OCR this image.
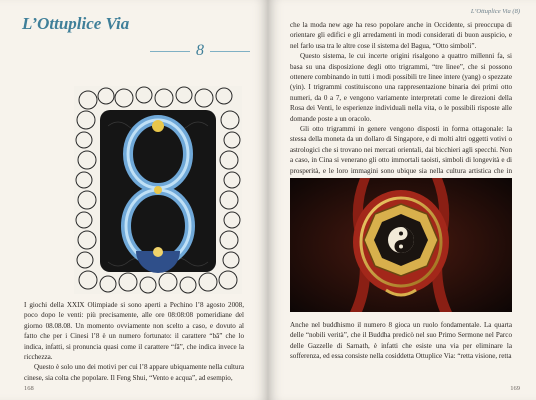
L’Ottuplice Via
8

I giochi della XXIX Olimpiade si sono aperti a Pechino l’8 agosto 2008, poco dopo le venti: più precisamente, alle ore 08:08:08 pomeridiane del giorno 08.08.08. Un momento ovviamente non scelto a caso, e dovuto al fatto che per i Cinesi l’8 è un numero fortunato: il carattere “bā” che lo indica, infatti, si pronuncia quasi come il carattere “fā”, che indica invece la ricchezza.

Questo è solo uno dei motivi per cui l’8 appare ubiquamente nella cultura cinese, sia colta che popolare. Il Feng Shui, “Vento e acqua”, ad esempio,

168
L’Ottuplice Via (8)

che la moda new age ha reso popolare anche in Occidente, si preoccupa di orientare gli edifici e gli arredamenti in modi considerati di buon auspicio, e nel farlo usa tra le altre cose il sistema del Bagua, “Otto simboli”.

Questo sistema, le cui incerte origini risalgono a quattro millenni fa, si basa su una disposizione degli otto trigrammi, “tre linee”, che si possono ottenere combinando in tutti i modi possibili tre linee intere (yang) o spezzate (yin). I trigrammi costituiscono una rappresentazione binaria dei primi otto numeri, da 0 a 7, e vengono variamente interpretati come le direzioni della Rosa dei Venti, le esperienze individuali nella vita, o le possibili risposte alle domande poste a un oracolo.

Gli otto trigrammi in genere vengono disposti in forma ottagonale: la stessa della moneta da un dollaro di Singapore, e di molti altri oggetti votivi o astrologici che si trovano nei mercati orientali, dai bicchieri agli specchi. Non a caso, in Cina si venerano gli otto immortali taoisti, simboli di longevità e di prosperità, e le loro immagini sono ubique sia nella cultura artistica che in

Anche nel buddhismo il numero 8 gioca un ruolo fondamentale. La quarta delle “nobili verità”, che il Buddha predicò nel suo Primo Sermone nel Parco delle Gazzelle di Sarnath, è infatti che esiste una via per eliminare la sofferenza, ed essa consiste nella cosiddetta Ottuplice Via: “retta visione, retta

169
